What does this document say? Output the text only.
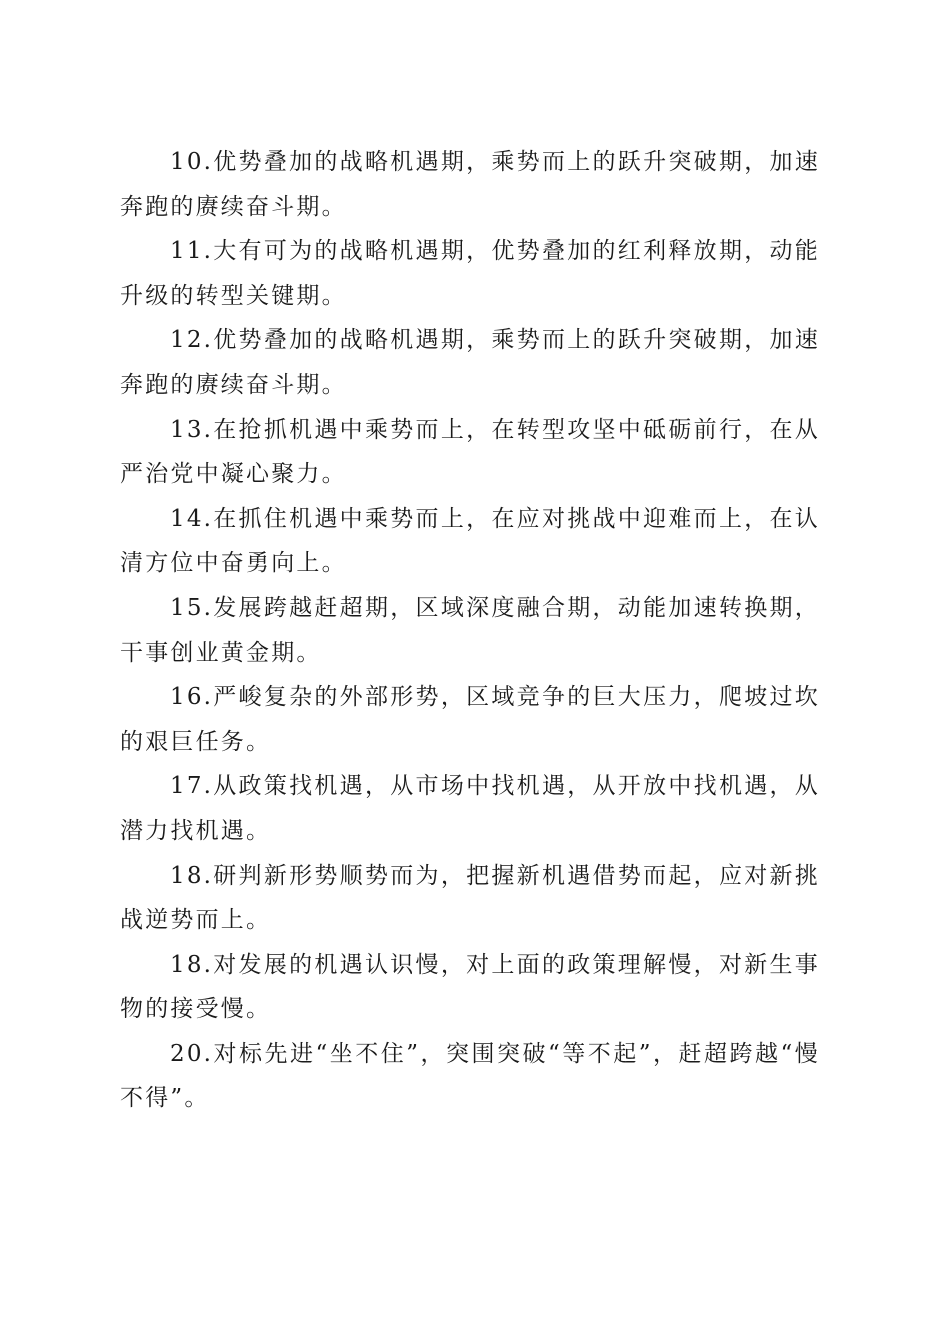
10.优势叠加的战略机遇期，乘势而上的跃升突破期，加速奔跑的赓续奋斗期。

11.大有可为的战略机遇期，优势叠加的红利释放期，动能升级的转型关键期。

12.优势叠加的战略机遇期，乘势而上的跃升突破期，加速奔跑的赓续奋斗期。

13.在抢抓机遇中乘势而上，在转型攻坚中砥砺前行，在从严治党中凝心聚力。

14.在抓住机遇中乘势而上，在应对挑战中迎难而上，在认清方位中奋勇向上。

15.发展跨越赶超期，区域深度融合期，动能加速转换期，干事创业黄金期。

16.严峻复杂的外部形势，区域竞争的巨大压力，爬坡过坎的艰巨任务。

17.从政策找机遇，从市场中找机遇，从开放中找机遇，从潜力找机遇。

18.研判新形势顺势而为，把握新机遇借势而起，应对新挑战逆势而上。

18.对发展的机遇认识慢，对上面的政策理解慢，对新生事物的接受慢。

20.对标先进“坐不住”，突围突破“等不起”，赶超跨越“慢不得”。
